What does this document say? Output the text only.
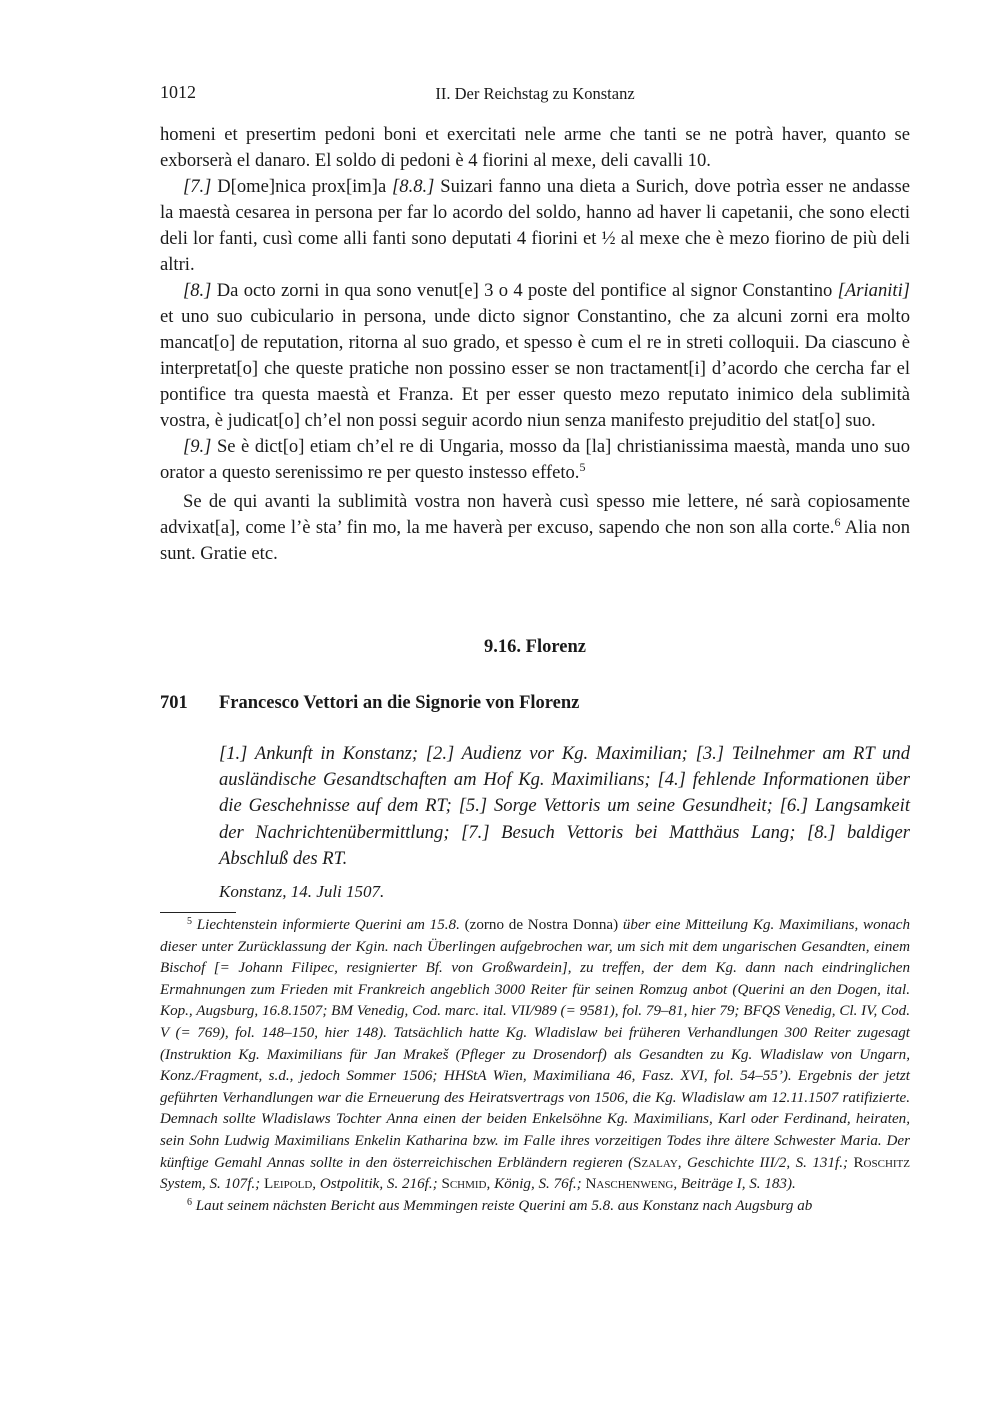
1012	II. Der Reichstag zu Konstanz

homeni et presertim pedoni boni et exercitati nele arme che tanti se ne potrà haver, quanto se exborserà el danaro. El soldo di pedoni è 4 fiorini al mexe, deli cavalli 10.

[7.] D[ome]nica prox[im]a [8.8.] Suizari fanno una dieta a Surich, dove potrìa esser ne andasse la maestà cesarea in persona per far lo acordo del soldo, hanno ad haver li capetanii, che sono electi deli lor fanti, cusì come alli fanti sono deputati 4 fiorini et ½ al mexe che è mezo fiorino de più deli altri.

[8.] Da octo zorni in qua sono venut[e] 3 o 4 poste del pontifice al signor Constantino [Arianiti] et uno suo cubiculario in persona, unde dicto signor Constantino, che za alcuni zorni era molto mancat[o] de reputation, ritorna al suo grado, et spesso è cum el re in streti colloquii. Da ciascuno è interpretat[o] che queste pratiche non possino esser se non tractament[i] d’acordo che cercha far el pontifice tra questa maestà et Franza. Et per esser questo mezo reputato inimico dela sublimità vostra, è judicat[o] ch’el non possi seguir acordo niun senza manifesto prejuditio del stat[o] suo.

[9.] Se è dict[o] etiam ch’el re di Ungaria, mosso da [la] christianissima maestà, manda uno suo orator a questo serenissimo re per questo instesso effeto.$^5$

Se de qui avanti la sublimità vostra non haverà cusì spesso mie lettere, né sarà copiosamente advixat[a], come l’è sta’ fin mo, la me haverà per excuso, sapendo che non son alla corte.$^6$ Alia non sunt. Gratie etc.

9.16. Florenz
701 Francesco Vettori an die Signorie von Florenz
[1.] Ankunft in Konstanz; [2.] Audienz vor Kg. Maximilian; [3.] Teilnehmer am RT und ausländische Gesandtschaften am Hof Kg. Maximilians; [4.] fehlende Informationen über die Geschehnisse auf dem RT; [5.] Sorge Vettoris um seine Gesundheit; [6.] Langsamkeit der Nachrichtenübermittlung; [7.] Besuch Vettoris bei Matthäus Lang; [8.] baldiger Abschluß des RT.
Konstanz, 14. Juli 1507.

$^5$ Liechtenstein informierte Querini am 15.8. (zorno de Nostra Donna) über eine Mitteilung Kg. Maximilians, wonach dieser unter Zurücklassung der Kgin. nach Überlingen aufgebrochen war, um sich mit dem ungarischen Gesandten, einem Bischof [= Johann Filipec, resignierter Bf. von Großwardein], zu treffen, der dem Kg. dann nach eindringlichen Ermahnungen zum Frieden mit Frankreich angeblich 3000 Reiter für seinen Romzug anbot (Querini an den Dogen, ital. Kop., Augsburg, 16.8.1507; BM Venedig, Cod. marc. ital. VII/989 (= 9581), fol. 79–81, hier 79; BFQS Venedig, Cl. IV, Cod. V (= 769), fol. 148–150, hier 148). Tatsächlich hatte Kg. Wladislaw bei früheren Verhandlungen 300 Reiter zugesagt (Instruktion Kg. Maximilians für Jan Mrakeš (Pfleger zu Drosendorf) als Gesandten zu Kg. Wladislaw von Ungarn, Konz./Fragment, s.d., jedoch Sommer 1506; HHStA Wien, Maximiliana 46, Fasz. XVI, fol. 54–55’). Ergebnis der jetzt geführten Verhandlungen war die Erneuerung des Heiratsvertrags von 1506, die Kg. Wladislaw am 12.11.1507 ratifizierte. Demnach sollte Wladislaws Tochter Anna einen der beiden Enkelsöhne Kg. Maximilians, Karl oder Ferdinand, heiraten, sein Sohn Ludwig Maximilians Enkelin Katharina bzw. im Falle ihres vorzeitigen Todes ihre ältere Schwester Maria. Der künftige Gemahl Annas sollte in den österreichischen Erbländern regieren (Szalay, Geschichte III/2, S. 131f.; Roschitz System, S. 107f.; Leipold, Ostpolitik, S. 216f.; Schmid, König, S. 76f.; Naschenweng, Beiträge I, S. 183).

$^6$ Laut seinem nächsten Bericht aus Memmingen reiste Querini am 5.8. aus Konstanz nach Augsburg ab
